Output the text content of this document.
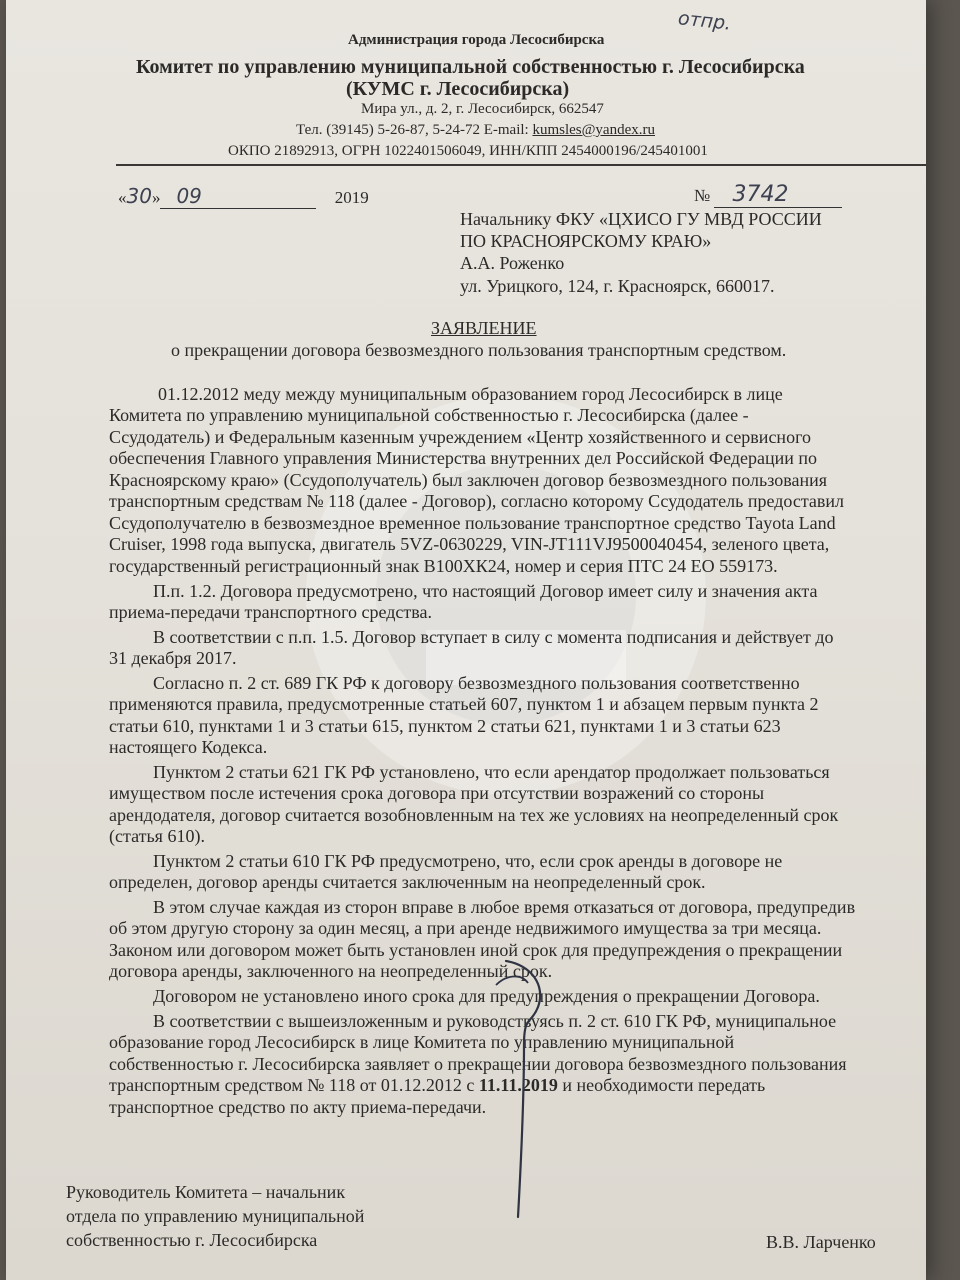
Администрация города Лесосибирска
Комитет по управлению муниципальной собственностью г. Лесосибирска
(КУМС г. Лесосибирска)
Мира ул., д. 2, г. Лесосибирск, 662547
Тел. (39145) 5-26-87, 5-24-72 E-mail: kumsles@yandex.ru
ОКПО 21892913, ОГРН 1022401506049, ИНН/КПП 2454000196/245401001
отпр.
«30» 09	2019	№ 3742
Начальнику ФКУ «ЦХИСО ГУ МВД РОССИИ
ПО КРАСНОЯРСКОМУ КРАЮ»
А.А. Роженко
ул. Урицкого, 124, г. Красноярск, 660017.
ЗАЯВЛЕНИЕ
о прекращении договора безвозмездного пользования транспортным средством.
01.12.2012 меду между муниципальным образованием город Лесосибирск в лице
Комитета по управлению муниципальной собственностью г. Лесосибирска (далее -
Ссудодатель) и Федеральным казенным учреждением «Центр хозяйственного и сервисного
обеспечения Главного управления Министерства внутренних дел Российской Федерации по
Красноярскому краю» (Ссудополучатель) был заключен договор безвозмездного пользования
транспортным средствам № 118 (далее - Договор), согласно которому Ссудодатель предоставил
Ссудополучателю в безвозмездное временное пользование транспортное средство Tayota Land
Cruiser, 1998 года выпуска, двигатель 5VZ-0630229, VIN-JT111VJ9500040454, зеленого цвета,
государственный регистрационный знак В100ХК24, номер и серия ПТС 24 ЕО 559173.
П.п. 1.2. Договора предусмотрено, что настоящий Договор имеет силу и значения акта
приема-передачи транспортного средства.
В соответствии с п.п. 1.5. Договор вступает в силу с момента подписания и действует до
31 декабря 2017.
Согласно п. 2 ст. 689 ГК РФ к договору безвозмездного пользования соответственно
применяются правила, предусмотренные статьей 607, пунктом 1 и абзацем первым пункта 2
статьи 610, пунктами 1 и 3 статьи 615, пунктом 2 статьи 621, пунктами 1 и 3 статьи 623
настоящего Кодекса.
Пунктом 2 статьи 621 ГК РФ установлено, что если арендатор продолжает пользоваться
имуществом после истечения срока договора при отсутствии возражений со стороны
арендодателя, договор считается возобновленным на тех же условиях на неопределенный срок
(статья 610).
Пунктом 2 статьи 610 ГК РФ предусмотрено, что, если срок аренды в договоре не
определен, договор аренды считается заключенным на неопределенный срок.
В этом случае каждая из сторон вправе в любое время отказаться от договора, предупредив
об этом другую сторону за один месяц, а при аренде недвижимого имущества за три месяца.
Законом или договором может быть установлен иной срок для предупреждения о прекращении
договора аренды, заключенного на неопределенный срок.
Договором не установлено иного срока для предупреждения о прекращении Договора.
В соответствии с вышеизложенным и руководствуясь п. 2 ст. 610 ГК РФ, муниципальное
образование город Лесосибирск в лице Комитета по управлению муниципальной
собственностью г. Лесосибирска заявляет о прекращении договора безвозмездного пользования
транспортным средством № 118 от 01.12.2012 с 11.11.2019 и необходимости передать
транспортное средство по акту приема-передачи.
Руководитель Комитета – начальник
отдела по управлению муниципальной
собственностью г. Лесосибирска	В.В. Ларченко
